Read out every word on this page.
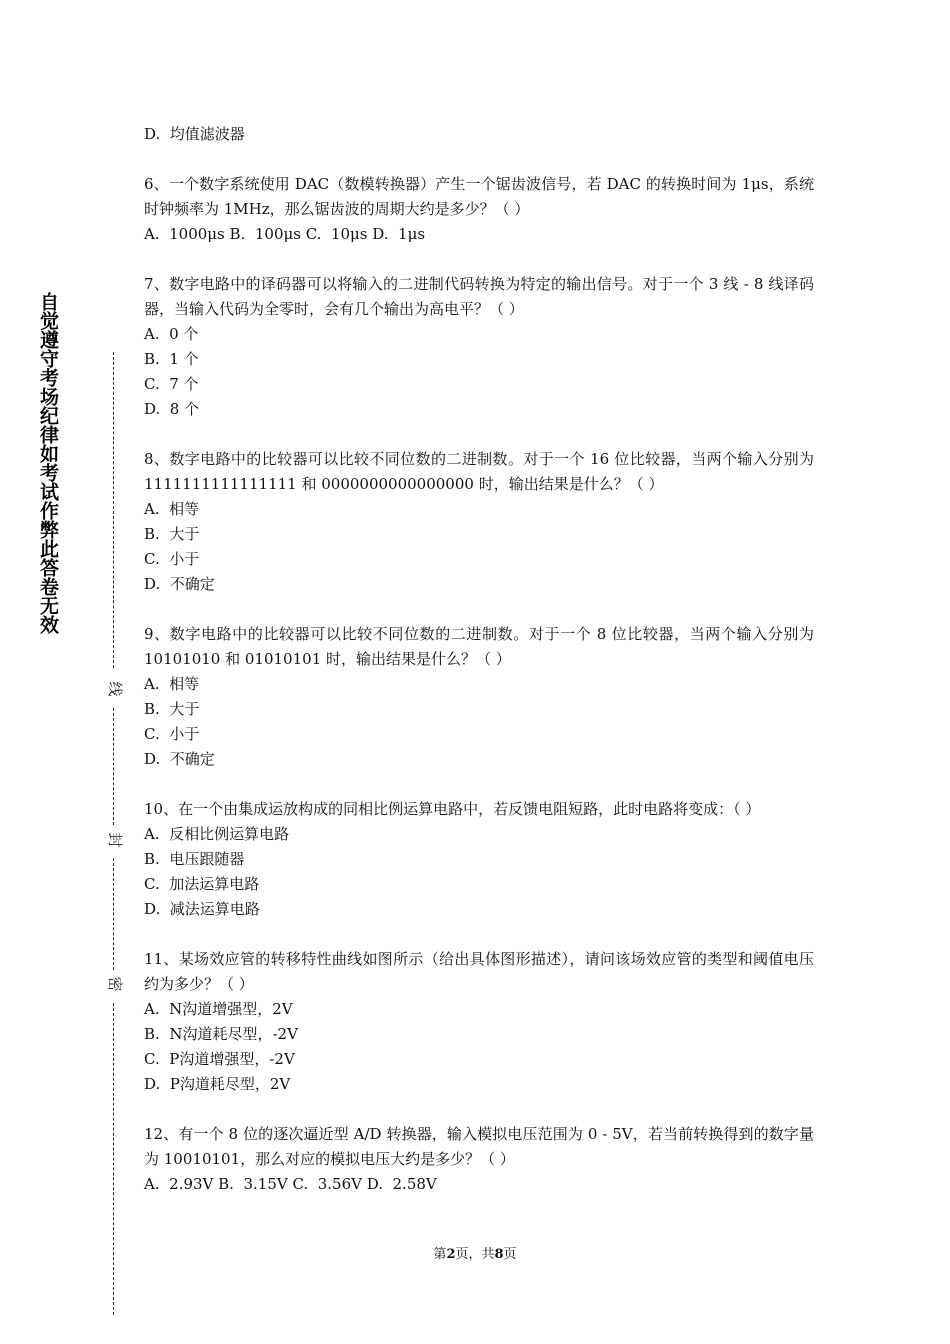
自觉遵守考场纪律如考试作弊此答卷无效
线
封
密
D.  均值滤波器
6、一个数字系统使用 DAC（数模转换器）产生一个锯齿波信号，若 DAC 的转换时间为 1μs，系统时钟频率为 1MHz，那么锯齿波的周期大约是多少？（ ）
A.  1000μs B.  100μs C.  10μs D.  1μs
7、数字电路中的译码器可以将输入的二进制代码转换为特定的输出信号。对于一个 3 线 - 8 线译码器，当输入代码为全零时，会有几个输出为高电平？（ ）
A.  0 个
B.  1 个
C.  7 个
D.  8 个
8、数字电路中的比较器可以比较不同位数的二进制数。对于一个 16 位比较器，当两个输入分别为 1111111111111111 和 0000000000000000 时，输出结果是什么？（ ）
A.  相等
B.  大于
C.  小于
D.  不确定
9、数字电路中的比较器可以比较不同位数的二进制数。对于一个 8 位比较器，当两个输入分别为 10101010 和 01010101 时，输出结果是什么？（ ）
A.  相等
B.  大于
C.  小于
D.  不确定
10、在一个由集成运放构成的同相比例运算电路中，若反馈电阻短路，此时电路将变成：（ ）
A.  反相比例运算电路
B.  电压跟随器
C.  加法运算电路
D.  减法运算电路
11、某场效应管的转移特性曲线如图所示（给出具体图形描述），请问该场效应管的类型和阈值电压约为多少？（ ）
A.  N沟道增强型，2V
B.  N沟道耗尽型，-2V
C.  P沟道增强型，-2V
D.  P沟道耗尽型，2V
12、有一个 8 位的逐次逼近型 A/D 转换器，输入模拟电压范围为 0 - 5V，若当前转换得到的数字量为 10010101，那么对应的模拟电压大约是多少？（ ）
A.  2.93V B.  3.15V C.  3.56V D.  2.58V
第2页，共8页
